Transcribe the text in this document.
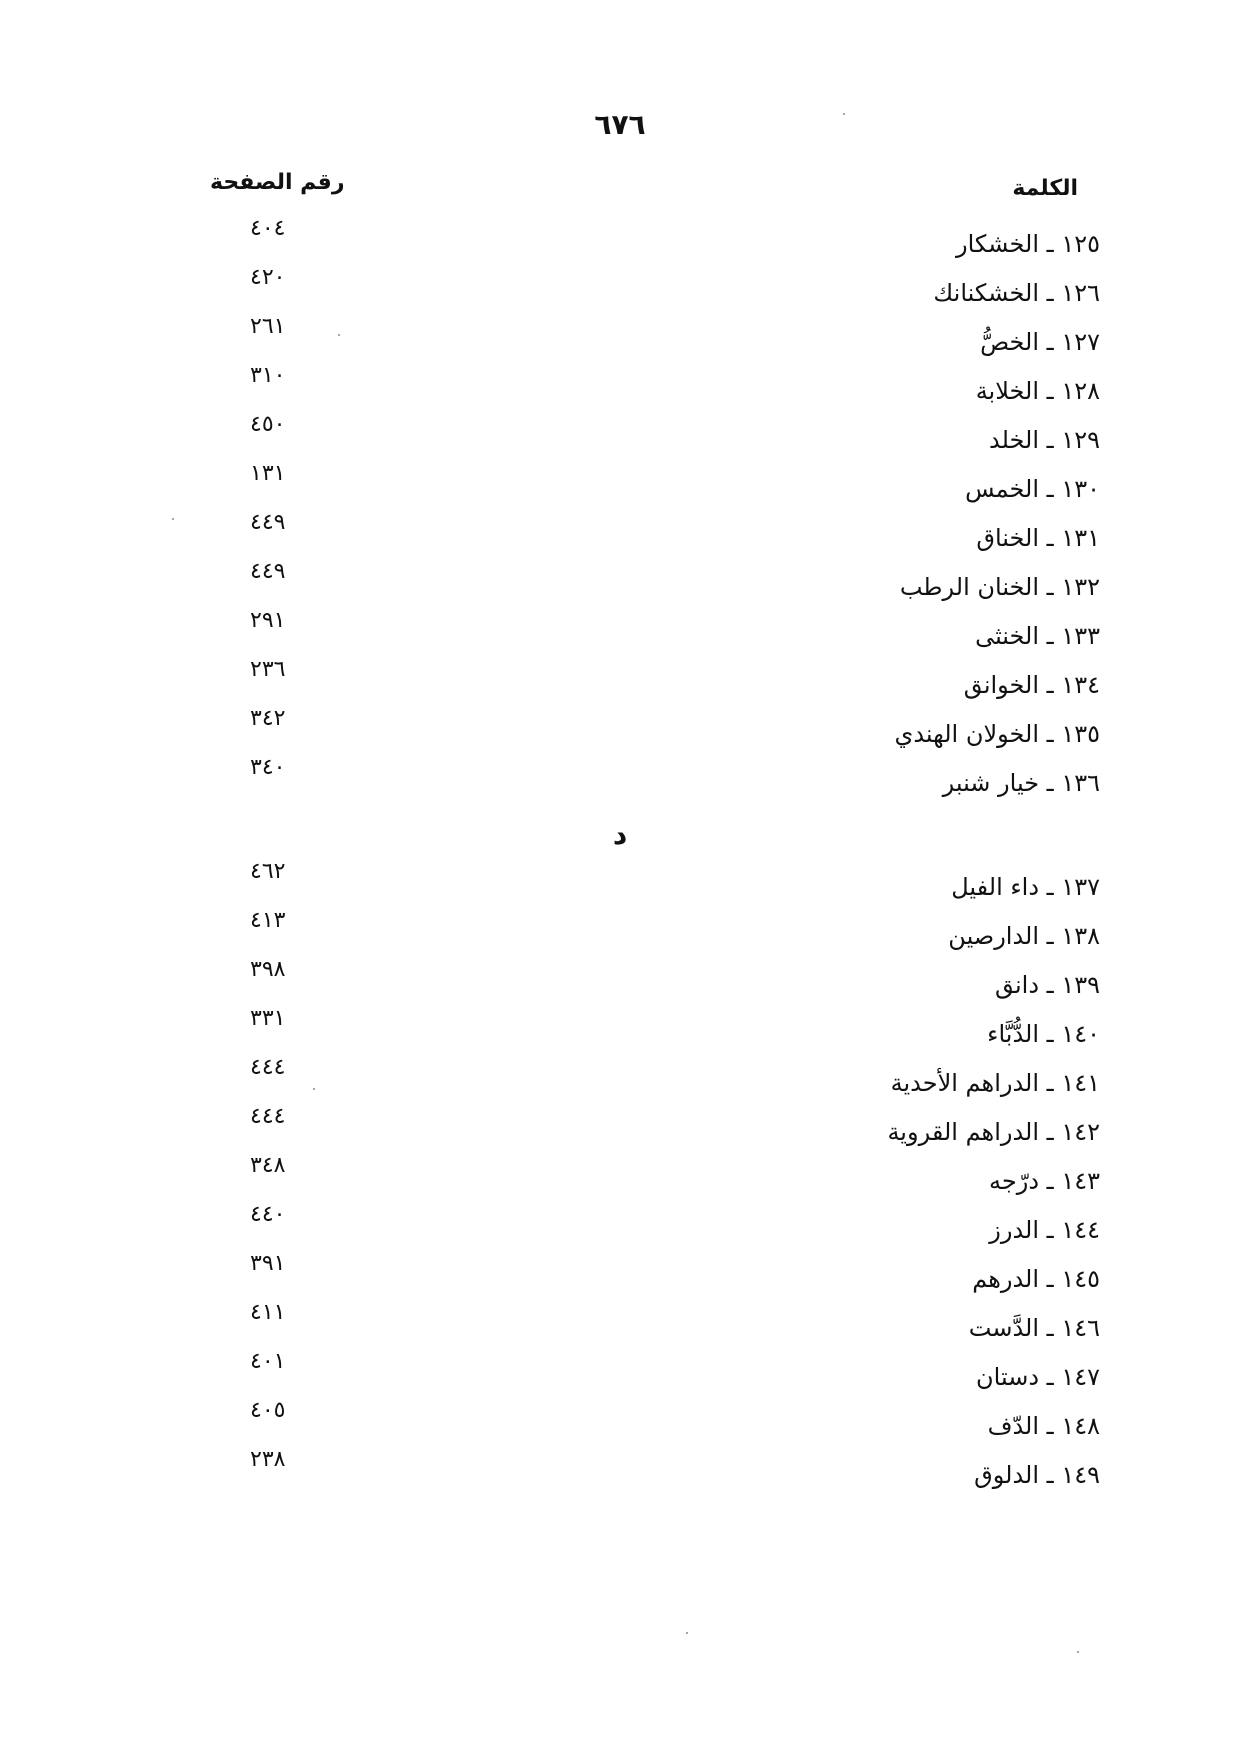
٦٧٦
الكلمة
رقم الصفحة
١٢٥ ـ الخشكار
٤٠٤
١٢٦ ـ الخشكنانك
٤٢٠
١٢٧ ـ الخصُّ
٢٦١
١٢٨ ـ الخلابة
٣١٠
١٢٩ ـ الخلد
٤٥٠
١٣٠ ـ الخمس
١٣١
١٣١ ـ الخناق
٤٤٩
١٣٢ ـ الخنان الرطب
٤٤٩
١٣٣ ـ الخنثى
٢٩١
١٣٤ ـ الخوانق
٢٣٦
١٣٥ ـ الخولان الهندي
٣٤٢
١٣٦ ـ خيار شنبر
٣٤٠
د
١٣٧ ـ داء الفيل
٤٦٢
١٣٨ ـ الدارصين
٤١٣
١٣٩ ـ دانق
٣٩٨
١٤٠ ـ الدُّبَّاء
٣٣١
١٤١ ـ الدراهم الأحدية
٤٤٤
١٤٢ ـ الدراهم القروية
٤٤٤
١٤٣ ـ درّجه
٣٤٨
١٤٤ ـ الدرز
٤٤٠
١٤٥ ـ الدرهم
٣٩١
١٤٦ ـ الدَّست
٤١١
١٤٧ ـ دستان
٤٠١
١٤٨ ـ الدّف
٤٠٥
١٤٩ ـ الدلوق
٢٣٨
